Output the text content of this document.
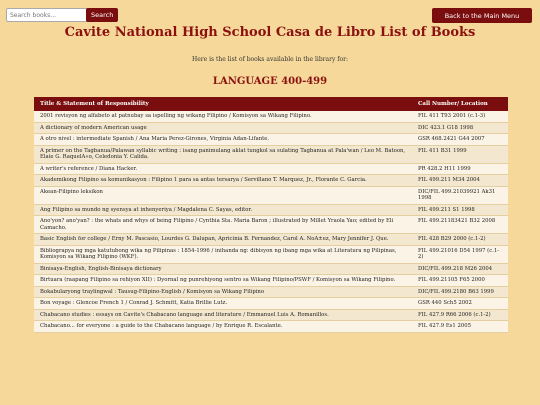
Search books...
Search	Back to the Main Menu
Cavite National High School Casa de Libro List of Books
Here is the list of books available in the library for:
LANGUAGE 400-499
Title & Statement of Responsibility	Call Number/ Location
2001 revisyon ng alfabeto at patnubay sa ispelling ng wikang Filipino / Komisyon sa Wikang Filipino.	FIL 411 T93 2001 (c.1-3)
A dictionary of modern American usage	DIC 423.1 G18 1998
A otro nivel : intermediate Spanish / Ana Maria Perez-Girones, Virginia Adan-Lifante.	GSR 468.2421 G44 2007
A primer on the Tagbanua/Palawan syllabic writing : isang panimulang aklat tungkol sa sulating Tagbanua at Pala'wan / Leo M. Batoon, Elaie G. RaquelA«o, Celedonia Y. Calida.	FIL 411 B31 1999
A writer's reference / Diana Hacker.	PR 428.2 H11 1999
Akademikong Filipino sa komunikasyon : Filipino 1 para sa antas tersarya / Servillano T. Marquez, Jr., Florante C. Garcia.	FIL 499.211 M34 2004
Akean-Filipino leksikon	DIC/FIL 499.21039921 Ak31 1998
Ang Filipino sa mundo ng syensya at inhenyeriya / Magdalena C. Sayas, editor.	FIL 499.211 S1 1998
Ano'yon? ano'yan? : the whats and whys of being Filipino / Cynthia Sta. Maria Baron ; illustrated by Millet Yraola Yao; edited by Eli Camacho.	FIL 499.21183421 B32 2008
Basic English for college / Erny M. Pascasio, Lourdes G. Dalupan, Apricinia B. Fernandez, Carol A. NoA±ez, Mary Jennifer J. Que.	FIL 428 B29 2000 (c.1-2)
Bibliograpya ng mga katutubong wika ng Pilipinas : 1854-1996 / inihanda ng: dibisyon ng ibang mga wika at Literatura ng Pilipinas, Komisyon sa Wikang Filipino (WKF).	FIL 499.21016 D54 1997 (c.1-2)
Binisaya-English, English-Binisaya dictionary	DIC/FIL 499.218 M26 2004
Birtuara (raapang Filipino sa rehiyon XII) : Dyornal ng punrehiyong sentro sa Wikang Filipino/PSWF / Komisyon sa Wikang Filipino.	FIL 499.21105 F65 2000
Bokabularyong traylingwal : Tausug-Filipino-English / Komisyon sa Wikang Filipino	DIC/FIL 499.2180 B63 1999
Bon voyage : Glencoe French 1 / Conrad J. Schmitt, Katia Brillie Lutz.	GSR 440 Sch5 2002
Chabacano studies : essays on Cavite's Chabacano language and literature / Emmanuel Luis A. Romanillos.	FIL 427.9 R66 2006 (c.1-2)
Chabacano... for everyone : a guide to the Chabacano language / by Enrique R. Escalante.	FIL 427.9 Es1 2005
